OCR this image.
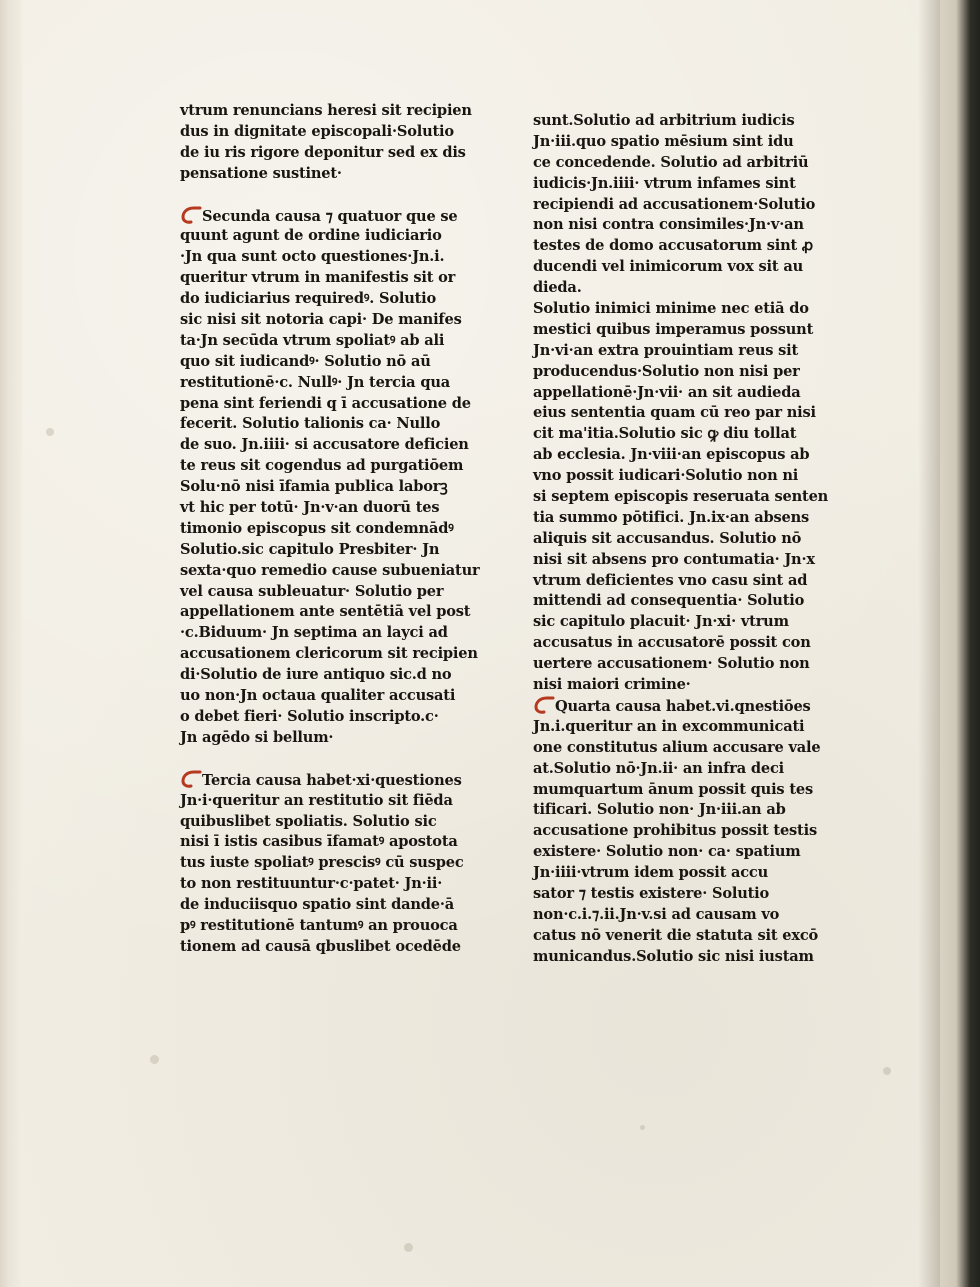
vtrum renuncians heresi sit recipien
dus in dignitate episcopali·Solutio
de iu ris rigore deponitur sed ex dis
pensatione sustinet·
Secunda causa ⁊ quatuor que se
quunt agunt de ordine iudiciario
·Jn qua sunt octo questiones·Jn.i.
queritur vtrum in manifestis sit or
do iudiciarius requiredꝰ. Solutio
sic nisi sit notoria capi· De manifes
ta·Jn secūda vtrum spoliatꝰ ab ali
quo sit iudicandꝰ· Solutio nō aū
restitutionē·c. Nullꝰ· Jn tercia qua
pena sint feriendi q ī accusatione de
fecerit. Solutio talionis ca· Nullo
de suo. Jn.iiii· si accusatore deficien
te reus sit cogendus ad purgatiōem
Solu·nō nisi īfamia publica laborꝫ
vt hic per totū· Jn·v·an duorū tes
timonio episcopus sit condemnādꝰ
Solutio.sic capitulo Presbiter· Jn
sexta·quo remedio cause subueniatur
vel causa subleuatur· Solutio per
appellationem ante sentētiā vel post
·c.Biduum· Jn septima an layci ad
accusationem clericorum sit recipien
di·Solutio de iure antiquo sic.d no
uo non·Jn octaua qualiter accusati
o debet fieri· Solutio inscripto.c·
Jn agēdo si bellum·
Tercia causa habet·xi·questiones
Jn·i·queritur an restitutio sit fiēda
quibuslibet spoliatis. Solutio sic
nisi ī istis casibus īfamatꝰ apostota
tus iuste spoliatꝰ prescisꝰ cū suspec
to non restituuntur·c·patet· Jn·ii·
de induciisquo spatio sint dande·ā
pꝰ restitutionē tantumꝰ an prouoca
tionem ad causā qbuslibet ocedēde
sunt.Solutio ad arbitrium iudicis
Jn·iii.quo spatio mēsium sint idu
ce concedende. Solutio ad arbitriū
iudicis·Jn.iiii· vtrum infames sint
recipiendi ad accusationem·Solutio
non nisi contra consimiles·Jn·v·an
testes de domo accusatorum sint ꝓ
ducendi vel inimicorum vox sit au
dieda.
Solutio inimici minime nec etiā do
mestici quibus imperamus possunt
Jn·vi·an extra prouintiam reus sit
producendus·Solutio non nisi per
appellationē·Jn·vii· an sit audieda
eius sententia quam cū reo par nisi
cit ma'itia.Solutio sic ꝙ diu tollat
ab ecclesia. Jn·viii·an episcopus ab
vno possit iudicari·Solutio non ni
si septem episcopis reseruata senten
tia summo pōtifici. Jn.ix·an absens
aliquis sit accusandus. Solutio nō
nisi sit absens pro contumatia· Jn·x
vtrum deficientes vno casu sint ad
mittendi ad consequentia· Solutio
sic capitulo placuit· Jn·xi· vtrum
accusatus in accusatorē possit con
uertere accusationem· Solutio non
nisi maiori crimine·
Quarta causa habet.vi.qnestiōes
Jn.i.queritur an in excommunicati
one constitutus alium accusare vale
at.Solutio nō·Jn.ii· an infra deci
mumquartum ānum possit quis tes
tificari. Solutio non· Jn·iii.an ab
accusatione prohibitus possit testis
existere· Solutio non· ca· spatium
Jn·iiii·vtrum idem possit accu
sator ⁊ testis existere· Solutio
non·c.i.⁊.ii.Jn·v.si ad causam vo
catus nō venerit die statuta sit excō
municandus.Solutio sic nisi iustam
